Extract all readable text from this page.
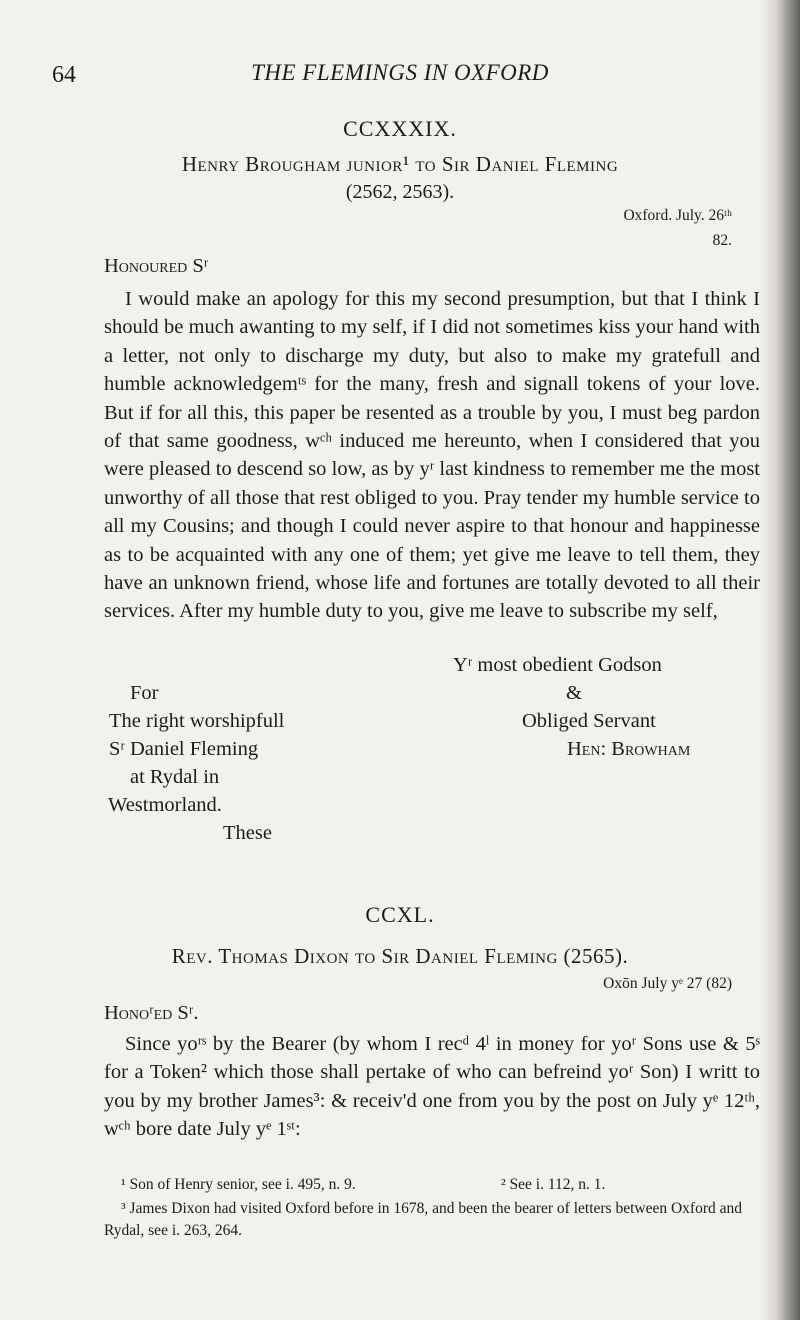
64	THE FLEMINGS IN OXFORD
CCXXXIX.
Henry Brougham junior¹ to Sir Daniel Fleming
(2562, 2563).
Oxford. July. 26ᵗʰ
82.
Honoured Sʳ

I would make an apology for this my second presumption, but that I think I should be much awanting to my self, if I did not sometimes kiss your hand with a letter, not only to discharge my duty, but also to make my gratefull and humble acknowledgemᵗˢ for the many, fresh and signall tokens of your love. But if for all this, this paper be resented as a trouble by you, I must beg pardon of that same goodness, wᶜʰ induced me hereunto, when I considered that you were pleased to descend so low, as by yʳ last kindness to remember me the most unworthy of all those that rest obliged to you. Pray tender my humble service to all my Cousins; and though I could never aspire to that honour and happinesse as to be acquainted with any one of them; yet give me leave to tell them, they have an unknown friend, whose life and fortunes are totally devoted to all their services. After my humble duty to you, give me leave to subscribe my self,

Yʳ most obedient Godson
&
Obliged Servant
Hen: Browham
For
The right worshipfull
Sʳ Daniel Fleming
at Rydal in
Westmorland.
These
CCXL.
Rev. Thomas Dixon to Sir Daniel Fleming (2565).
Oxōn July yᵉ 27 (82)
Honoʳed Sʳ.

Since yoʳˢ by the Bearer (by whom I recᵈ 4ˡ in money for yoʳ Sons use & 5ˢ for a Token² which those shall pertake of who can befreind yoʳ Son) I writt to you by my brother James³: & receiv'd one from you by the post on July yᵉ 12ᵗʰ, wᶜʰ bore date July yᵉ 1ˢᵗ:

¹ Son of Henry senior, see i. 495, n. 9.	² See i. 112, n. 1.
³ James Dixon had visited Oxford before in 1678, and been the bearer of letters between Oxford and Rydal, see i. 263, 264.
